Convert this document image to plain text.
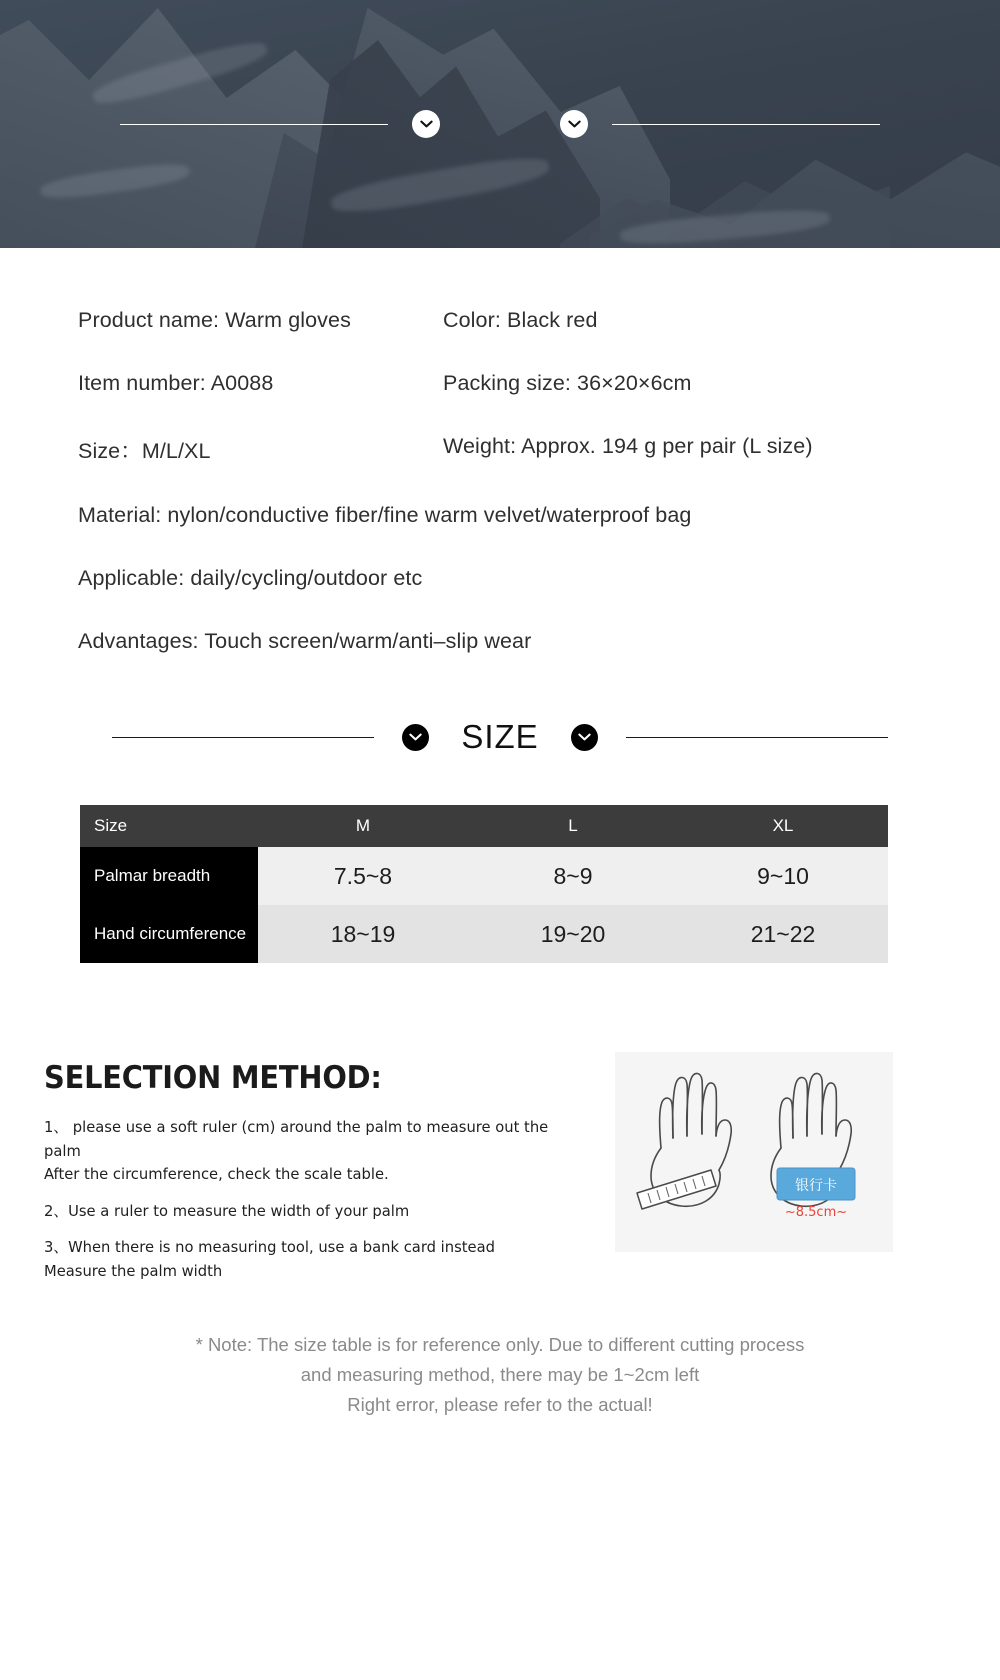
Product name: Warm gloves	Color: Black red
Item number: A0088	Packing size: 36×20×6cm
Size：M/L/XL	Weight: Approx. 194 g per pair (L size)
Material: nylon/conductive fiber/fine warm velvet/waterproof bag
Applicable: daily/cycling/outdoor etc
Advantages: Touch screen/warm/anti–slip wear
SIZE
Size	M	L	XL
Palmar breadth	7.5~8	8~9	9~10
Hand circumference	18~19	19~20	21~22
SELECTION METHOD:
1、 please use a soft ruler (cm) around the palm to measure out the palm
After the circumference, check the scale table.
2、Use a ruler to measure the width of your palm
3、When there is no measuring tool, use a bank card instead
Measure the palm width
银行卡
~8.5cm~
* Note: The size table is for reference only. Due to different cutting process
and measuring method, there may be 1~2cm left
Right error, please refer to the actual!
